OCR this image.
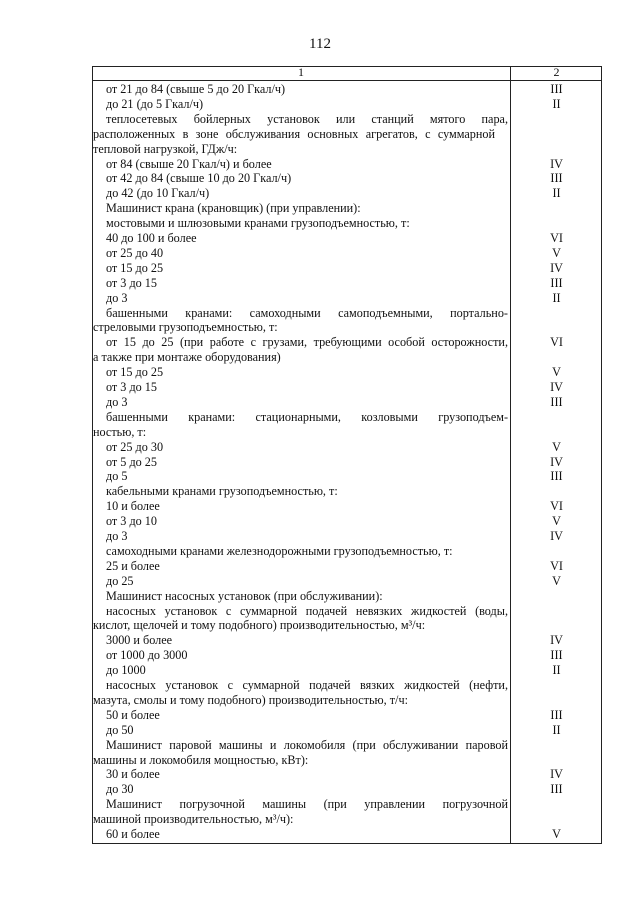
112
1	2
от 21 до 84 (свыше 5 до 20 Гкал/ч)	III
до 21 (до 5 Гкал/ч)	II
теплосетевых бойлерных установок или станций мятого пара,
расположенных в зоне обслуживания основных агрегатов, с суммарной
тепловой нагрузкой, ГДж/ч:
от 84 (свыше 20 Гкал/ч) и более	IV
от 42 до 84 (свыше 10 до 20 Гкал/ч)	III
до 42 (до 10 Гкал/ч)	II
Машинист крана (крановщик) (при управлении):
мостовыми и шлюзовыми кранами грузоподъемностью, т:
40 до 100 и более	VI
от 25 до 40	V
от 15 до 25	IV
от 3 до 15	III
до 3	II
башенными кранами: самоходными самоподъемными, портально-
стреловыми грузоподъемностью, т:
от 15 до 25 (при работе с грузами, требующими особой осторожности,	VI
а также при монтаже оборудования)
от 15 до 25	V
от 3 до 15	IV
до 3	III
башенными кранами: стационарными, козловыми грузоподъем-
ностью, т:
от 25 до 30	V
от 5 до 25	IV
до 5	III
кабельными кранами грузоподъемностью, т:
10 и более	VI
от 3 до 10	V
до 3	IV
самоходными кранами железнодорожными грузоподъемностью, т:
25 и более	VI
до 25	V
Машинист насосных установок (при обслуживании):
насосных установок с суммарной подачей невязких жидкостей (воды,
кислот, щелочей и тому подобного) производительностью, м³/ч:
3000 и более	IV
от 1000 до 3000	III
до 1000	II
насосных установок с суммарной подачей вязких жидкостей (нефти,
мазута, смолы и тому подобного) производительностью, т/ч:
50 и более	III
до 50	II
Машинист паровой машины и локомобиля (при обслуживании паровой
машины и локомобиля мощностью, кВт):
30 и более	IV
до 30	III
Машинист погрузочной машины (при управлении погрузочной
машиной производительностью, м³/ч):
60 и более	V
